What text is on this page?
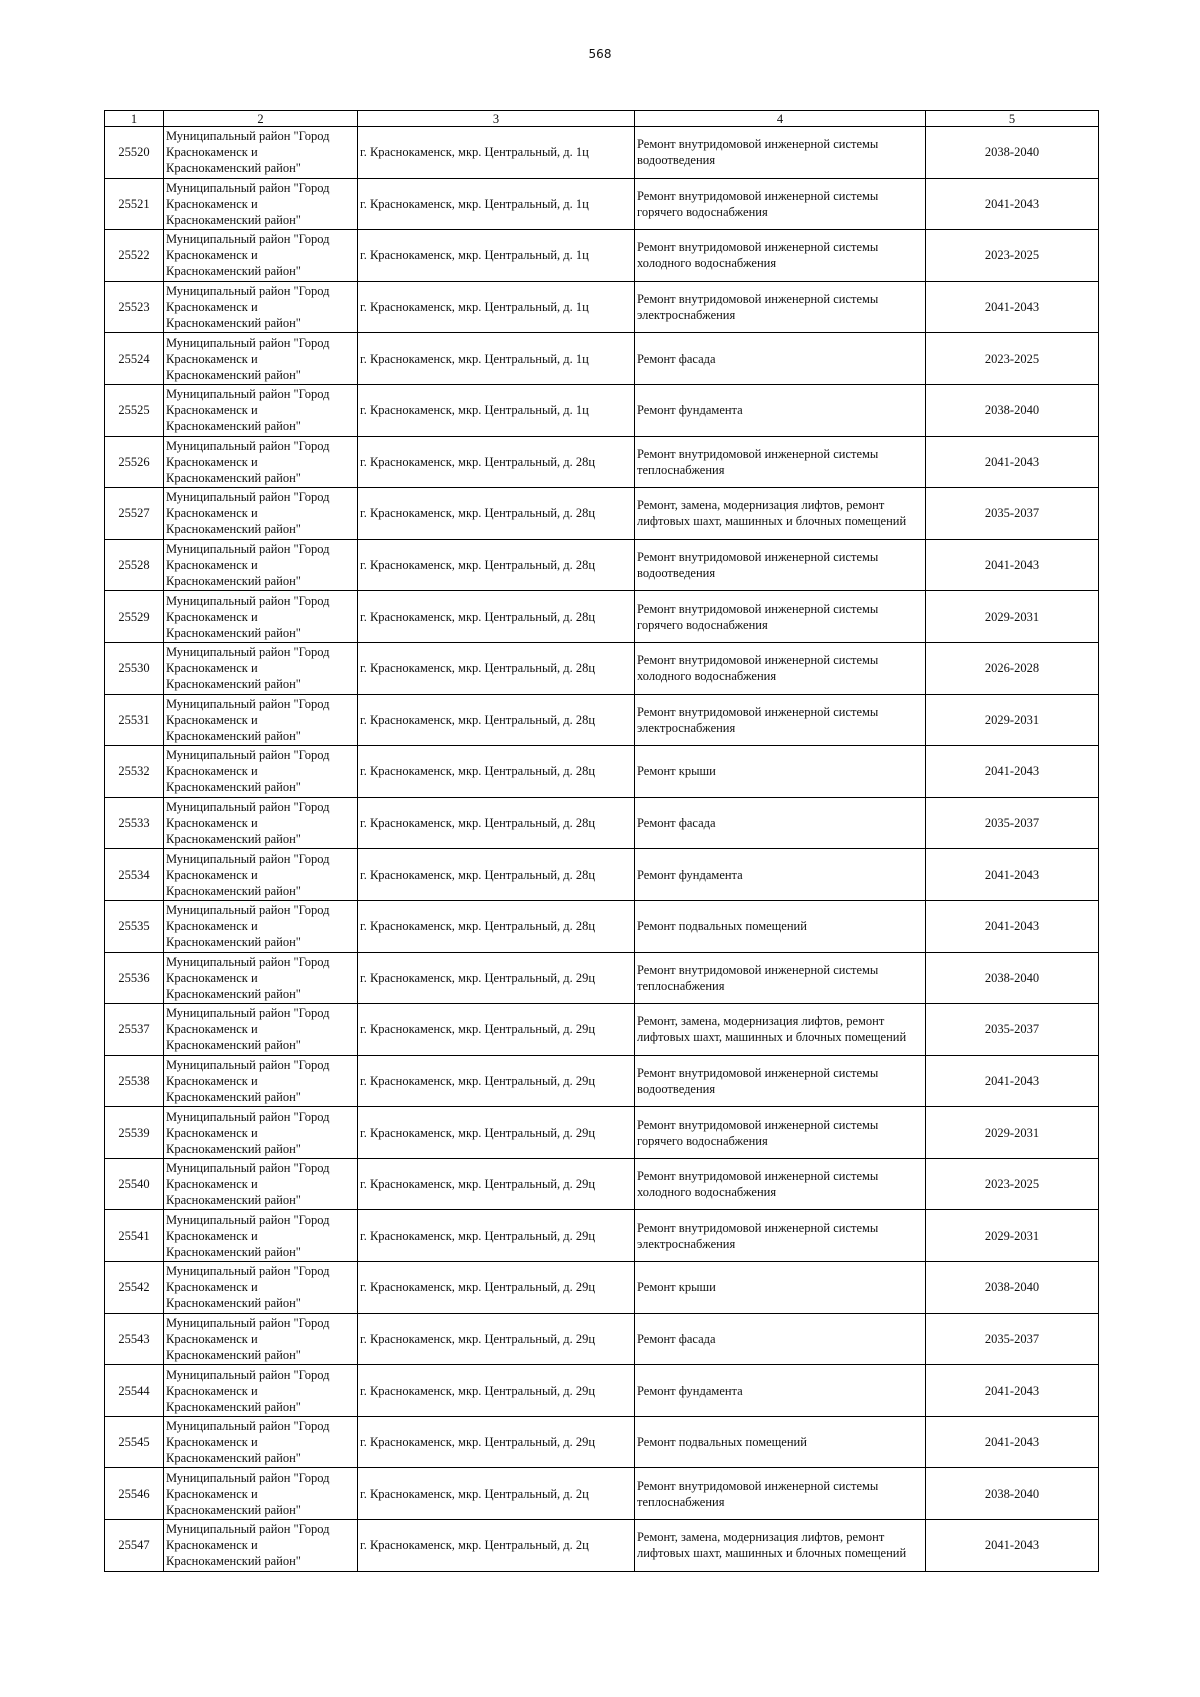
568
1	2	3	4	5
25520	Муниципальный район "Город
Краснокаменск и
Краснокаменский район"	г. Краснокаменск, мкр. Центральный, д. 1ц	Ремонт внутридомовой инженерной системы водоотведения	2038-2040
25521	Муниципальный район "Город
Краснокаменск и
Краснокаменский район"	г. Краснокаменск, мкр. Центральный, д. 1ц	Ремонт внутридомовой инженерной системы горячего водоснабжения	2041-2043
25522	Муниципальный район "Город
Краснокаменск и
Краснокаменский район"	г. Краснокаменск, мкр. Центральный, д. 1ц	Ремонт внутридомовой инженерной системы холодного водоснабжения	2023-2025
25523	Муниципальный район "Город
Краснокаменск и
Краснокаменский район"	г. Краснокаменск, мкр. Центральный, д. 1ц	Ремонт внутридомовой инженерной системы электроснабжения	2041-2043
25524	Муниципальный район "Город
Краснокаменск и
Краснокаменский район"	г. Краснокаменск, мкр. Центральный, д. 1ц	Ремонт фасада	2023-2025
25525	Муниципальный район "Город
Краснокаменск и
Краснокаменский район"	г. Краснокаменск, мкр. Центральный, д. 1ц	Ремонт фундамента	2038-2040
25526	Муниципальный район "Город
Краснокаменск и
Краснокаменский район"	г. Краснокаменск, мкр. Центральный, д. 28ц	Ремонт внутридомовой инженерной системы теплоснабжения	2041-2043
25527	Муниципальный район "Город
Краснокаменск и
Краснокаменский район"	г. Краснокаменск, мкр. Центральный, д. 28ц	Ремонт, замена, модернизация лифтов, ремонт лифтовых шахт, машинных и блочных помещений	2035-2037
25528	Муниципальный район "Город
Краснокаменск и
Краснокаменский район"	г. Краснокаменск, мкр. Центральный, д. 28ц	Ремонт внутридомовой инженерной системы водоотведения	2041-2043
25529	Муниципальный район "Город
Краснокаменск и
Краснокаменский район"	г. Краснокаменск, мкр. Центральный, д. 28ц	Ремонт внутридомовой инженерной системы горячего водоснабжения	2029-2031
25530	Муниципальный район "Город
Краснокаменск и
Краснокаменский район"	г. Краснокаменск, мкр. Центральный, д. 28ц	Ремонт внутридомовой инженерной системы холодного водоснабжения	2026-2028
25531	Муниципальный район "Город
Краснокаменск и
Краснокаменский район"	г. Краснокаменск, мкр. Центральный, д. 28ц	Ремонт внутридомовой инженерной системы электроснабжения	2029-2031
25532	Муниципальный район "Город
Краснокаменск и
Краснокаменский район"	г. Краснокаменск, мкр. Центральный, д. 28ц	Ремонт крыши	2041-2043
25533	Муниципальный район "Город
Краснокаменск и
Краснокаменский район"	г. Краснокаменск, мкр. Центральный, д. 28ц	Ремонт фасада	2035-2037
25534	Муниципальный район "Город
Краснокаменск и
Краснокаменский район"	г. Краснокаменск, мкр. Центральный, д. 28ц	Ремонт фундамента	2041-2043
25535	Муниципальный район "Город
Краснокаменск и
Краснокаменский район"	г. Краснокаменск, мкр. Центральный, д. 28ц	Ремонт подвальных помещений	2041-2043
25536	Муниципальный район "Город
Краснокаменск и
Краснокаменский район"	г. Краснокаменск, мкр. Центральный, д. 29ц	Ремонт внутридомовой инженерной системы теплоснабжения	2038-2040
25537	Муниципальный район "Город
Краснокаменск и
Краснокаменский район"	г. Краснокаменск, мкр. Центральный, д. 29ц	Ремонт, замена, модернизация лифтов, ремонт лифтовых шахт, машинных и блочных помещений	2035-2037
25538	Муниципальный район "Город
Краснокаменск и
Краснокаменский район"	г. Краснокаменск, мкр. Центральный, д. 29ц	Ремонт внутридомовой инженерной системы водоотведения	2041-2043
25539	Муниципальный район "Город
Краснокаменск и
Краснокаменский район"	г. Краснокаменск, мкр. Центральный, д. 29ц	Ремонт внутридомовой инженерной системы горячего водоснабжения	2029-2031
25540	Муниципальный район "Город
Краснокаменск и
Краснокаменский район"	г. Краснокаменск, мкр. Центральный, д. 29ц	Ремонт внутридомовой инженерной системы холодного водоснабжения	2023-2025
25541	Муниципальный район "Город
Краснокаменск и
Краснокаменский район"	г. Краснокаменск, мкр. Центральный, д. 29ц	Ремонт внутридомовой инженерной системы электроснабжения	2029-2031
25542	Муниципальный район "Город
Краснокаменск и
Краснокаменский район"	г. Краснокаменск, мкр. Центральный, д. 29ц	Ремонт крыши	2038-2040
25543	Муниципальный район "Город
Краснокаменск и
Краснокаменский район"	г. Краснокаменск, мкр. Центральный, д. 29ц	Ремонт фасада	2035-2037
25544	Муниципальный район "Город
Краснокаменск и
Краснокаменский район"	г. Краснокаменск, мкр. Центральный, д. 29ц	Ремонт фундамента	2041-2043
25545	Муниципальный район "Город
Краснокаменск и
Краснокаменский район"	г. Краснокаменск, мкр. Центральный, д. 29ц	Ремонт подвальных помещений	2041-2043
25546	Муниципальный район "Город
Краснокаменск и
Краснокаменский район"	г. Краснокаменск, мкр. Центральный, д. 2ц	Ремонт внутридомовой инженерной системы теплоснабжения	2038-2040
25547	Муниципальный район "Город
Краснокаменск и
Краснокаменский район"	г. Краснокаменск, мкр. Центральный, д. 2ц	Ремонт, замена, модернизация лифтов, ремонт лифтовых шахт, машинных и блочных помещений	2041-2043
